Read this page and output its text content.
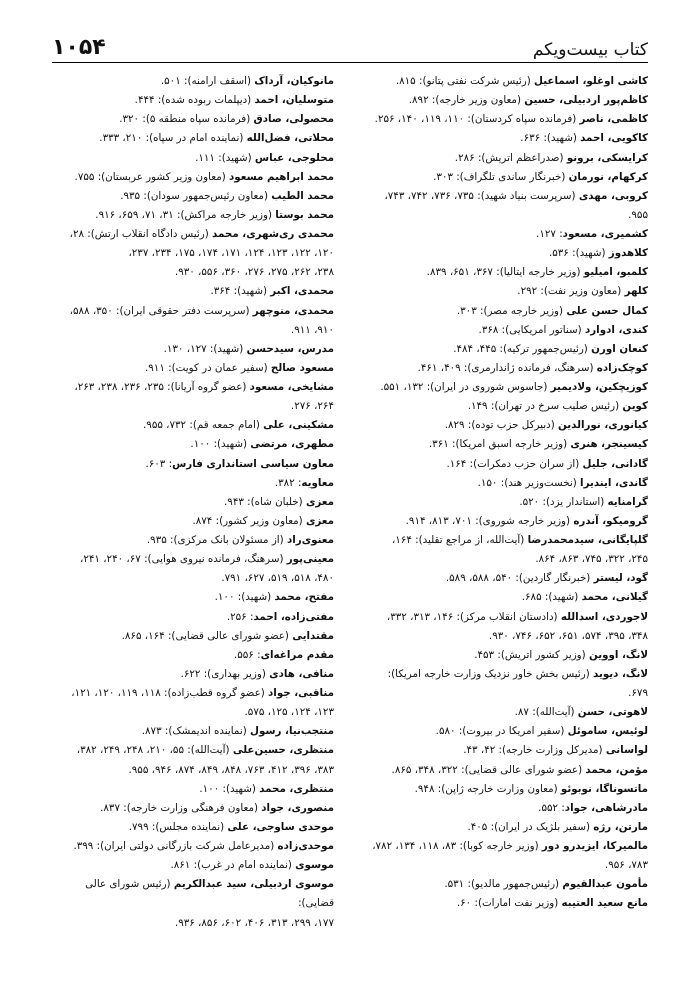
۱۰۵۴	کتاب بیست‌ویکم
کاشی اوغلو، اسماعیل (رئیس شرکت نفتی پتانو): ۸۱۵.
کاظم‌پور اردبیلی، حسین (معاون وزیر خارجه): ۸۹۲.
کاظمی، ناصر (فرمانده سپاه کردستان): ۱۱۰، ۱۱۹، ۱۴۰، ۲۵۶.
کاکویی، احمد (شهید): ۶۳۶.
کرایسکی، برونو (صدراعظم اتریش): ۲۸۶.
کرکهام، نورمان (خبرنگار ساندی تلگراف): ۳۰۳.
کروبی، مهدی (سرپرست بنیاد شهید): ۷۳۵، ۷۳۶، ۷۴۲، ۷۴۳،
۹۵۵.
کشمیری، مسعود: ۱۲۷.
کلاهدوز (شهید): ۵۳۶.
کلمبو، امیلیو (وزیر خارجه ایتالیا): ۳۶۷، ۶۵۱، ۸۳۹.
کلهر (معاون وزیر نفت): ۲۹۲.
کمال حسن علی (وزیر خارجه مصر): ۳۰۳.
کندی، ادوارد (سناتور امریکایی): ۳۶۸.
کنعان اورن (رئیس‌جمهور ترکیه): ۴۴۵، ۴۸۴.
کوچک‌زاده (سرهنگ، فرمانده ژاندارمری): ۴۰۹، ۴۶۱.
کوزیچکین، ولادیمیر (جاسوس شوروی در ایران): ۱۳۲، ۵۵۱.
کوین (رئیس صلیب سرخ در تهران): ۱۴۹.
کیانوری، نورالدین (دبیرکل حزب توده): ۸۲۹.
کیسینجر، هنری (وزیر خارجه اسبق امریکا): ۳۶۱.
گادانی، جلیل (از سران حزب دمکرات): ۱۶۴.
گاندی، ایندیرا (نخست‌وزیر هند): ۱۵۰.
گرامنایه (استاندار یزد): ۵۲۰.
گرومیکو، آندره (وزیر خارجه شوروی): ۷۰۱، ۸۱۳، ۹۱۴.
گلپایگانی، سیدمحمدرضا (آیت‌الله، از مراجع تقلید): ۱۶۴،
۲۴۵، ۳۲۲، ۷۴۵، ۸۶۳، ۸۶۴.
گود، لیستر (خبرنگار گاردین): ۵۴۰، ۵۸۸، ۵۸۹.
گیلانی، محمد (شهید): ۶۸۵.
لاجوردی، اسدالله (دادستان انقلاب مرکز): ۱۴۶، ۳۱۳، ۳۳۲،
۳۴۸، ۳۹۵، ۵۷۴، ۶۵۱، ۶۵۲، ۷۴۶، ۹۳۰.
لانگ، اووین (وزیر کشور اتریش): ۴۵۳.
لانگ، دیوید (رئیس بخش خاور نزدیک وزارت خارجه امریکا):
۶۷۹.
لاهوتی، حسن (آیت‌الله): ۸۷.
لوئیس، ساموئل (سفیر امریکا در بیروت): ۵۸۰.
لواسانی (مدیرکل وزارت خارجه): ۴۲، ۴۳.
مؤمن، محمد (عضو شورای عالی قضایی): ۳۲۲، ۳۴۸، ۸۶۵.
ماتسوناگا، نوبوئو (معاون وزارت خارجه ژاپن): ۹۴۸.
مادرشاهی، جواد: ۵۵۲.
مارتن، رژه (سفیر بلژیک در ایران): ۴۰۵.
مالمیرکا، ایزیدرو دور (وزیر خارجه کوبا): ۸۳، ۱۱۸، ۱۳۴، ۷۸۲،
۷۸۳، ۹۵۶.
مأمون عبدالقیوم (رئیس‌جمهور مالدیو): ۵۳۱.
مانع سعید العتیبه (وزیر نفت امارات): ۶۰.
مانوکیان، آرداک (اسقف ارامنه): ۵۰۱.
متوسلیان، احمد (دیپلمات ربوده شده): ۴۴۴.
محصولی، صادق (فرمانده سپاه منطقه ۵): ۳۲۰.
محلاتی، فضل‌الله (نماینده امام در سپاه): ۲۱۰، ۳۳۳.
محلوجی، عباس (شهید): ۱۱۱.
محمد ابراهیم مسعود (معاون وزیر کشور عربستان): ۷۵۵.
محمد الطیب (معاون رئیس‌جمهور سودان): ۹۳۵.
محمد بوستا (وزیر خارجه مراکش): ۳۱، ۷۱، ۶۵۹، ۹۱۶.
محمدی ری‌شهری، محمد (رئیس دادگاه انقلاب ارتش): ۲۸،
۱۲۰، ۱۲۲، ۱۲۳، ۱۲۴، ۱۷۱، ۱۷۴، ۱۷۵، ۲۳۴، ۲۳۷،
۲۳۸، ۲۶۲، ۲۷۵، ۲۷۶، ۳۶۰، ۵۵۶، ۹۳۰.
محمدی، اکبر (شهید): ۳۶۴.
محمدی، منوچهر (سرپرست دفتر حقوقی ایران): ۳۵۰، ۵۸۸،
۹۱۰، ۹۱۱.
مدرس، سیدحسن (شهید): ۱۲۷، ۱۳۰.
مسعود صالح (سفیر عمان در کویت): ۹۱۱.
مشایخی، مسعود (عضو گروه آریانا): ۲۳۵، ۲۳۶، ۲۳۸، ۲۶۳،
۲۶۴، ۲۷۶.
مشکینی، علی (امام جمعه قم): ۷۳۲، ۹۵۵.
مطهری، مرتضی (شهید): ۱۰۰.
معاون سیاسی استانداری فارس: ۶۰۳.
معاویه: ۳۸۲.
معزی (خلبان شاه): ۹۴۳.
معزی (معاون وزیر کشور): ۸۷۴.
معنوی‌راد (از مسئولان بانک مرکزی): ۹۳۵.
معینی‌پور (سرهنگ، فرمانده نیروی هوایی): ۶۷، ۲۴۰، ۲۴۱،
۴۸۰، ۵۱۸، ۵۱۹، ۶۲۷، ۷۹۱.
مفتح، محمد (شهید): ۱۰۰.
مفتی‌زاده، احمد: ۲۵۶.
مقتدایی (عضو شورای عالی قضایی): ۱۶۴، ۸۶۵.
مقدم مراغه‌ای: ۵۵۶.
منافی، هادی (وزیر بهداری): ۶۲۲.
مناقبی، جواد (عضو گروه قطب‌زاده): ۱۱۸، ۱۱۹، ۱۲۰، ۱۲۱،
۱۲۳، ۱۲۴، ۱۲۵، ۵۷۵.
منتجب‌نیا، رسول (نماینده اندیمشک): ۸۷۳.
منتظری، حسین‌علی (آیت‌الله): ۵۵، ۲۱۰، ۲۴۸، ۲۴۹، ۳۸۲،
۳۸۳، ۳۹۶، ۴۱۲، ۷۶۳، ۸۴۸، ۸۴۹، ۸۷۴، ۹۴۶، ۹۵۵.
منتظری، محمد (شهید): ۱۰۰.
منصوری، جواد (معاون فرهنگی وزارت خارجه): ۸۳۷.
موحدی ساوجی، علی (نماینده مجلس): ۷۹۹.
موحدی‌زاده (مدیرعامل شرکت بازرگانی دولتی ایران): ۳۹۹.
موسوی (نماینده امام در غرب): ۸۶۱.
موسوی اردبیلی، سید عبدالکریم (رئیس شورای عالی قضایی):
۱۷۷، ۲۹۹، ۳۱۳، ۴۰۶، ۶۰۲، ۸۵۶، ۹۳۶.
